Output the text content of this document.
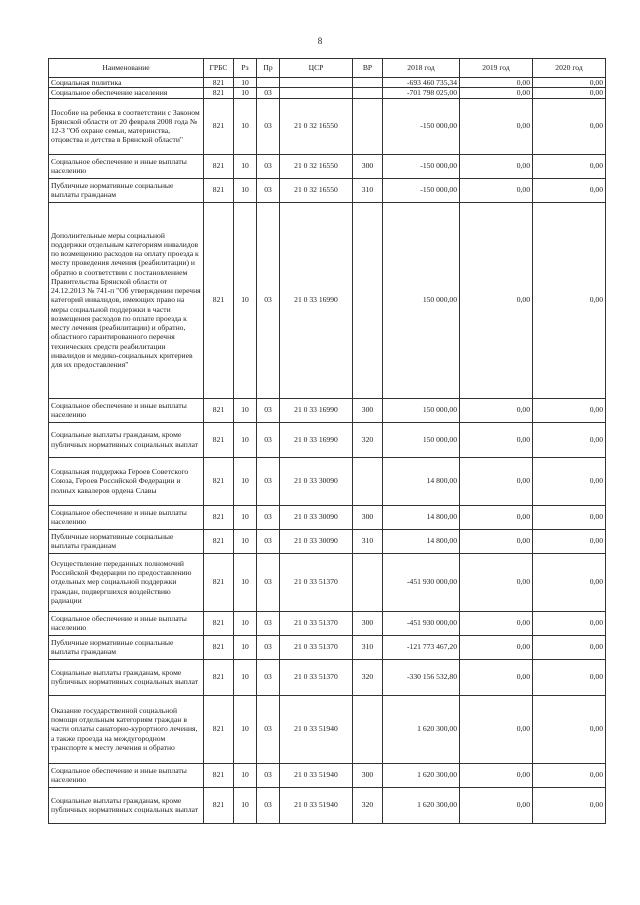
8
Наименование	ГРБС	Рз	Пр	ЦСР	ВР	2018 год	2019 год	2020 год
Социальная политика	821	10				-693 460 735,34	0,00	0,00
Социальное обеспечение населения	821	10	03			-701 798 025,00	0,00	0,00
Пособие на ребенка в соответствии с Законом Брянской области от 20 февраля 2008 года № 12-З "Об охране семьи, материнства, отцовства и детства в Брянской области"	821	10	03	21 0 32 16550		-150 000,00	0,00	0,00
Социальное обеспечение и иные выплаты населению	821	10	03	21 0 32 16550	300	-150 000,00	0,00	0,00
Публичные нормативные социальные выплаты гражданам	821	10	03	21 0 32 16550	310	-150 000,00	0,00	0,00
Дополнительные меры социальной поддержки отдельным категориям инвалидов по возмещению расходов на оплату проезда к месту проведения лечения (реабилитации) и обратно в соответствии с постановлением Правительства Брянской области от 24.12.2013 № 741-п "Об утверждении перечня категорий инвалидов, имеющих право на меры социальной поддержки в части возмещения расходов по оплате проезда к месту лечения (реабилитации) и обратно, областного гарантированного перечня технических средств реабилитации инвалидов и медико-социальных критериев для их предоставления"	821	10	03	21 0 33 16990		150 000,00	0,00	0,00
Социальное обеспечение и иные выплаты населению	821	10	03	21 0 33 16990	300	150 000,00	0,00	0,00
Социальные выплаты гражданам, кроме публичных нормативных социальных выплат	821	10	03	21 0 33 16990	320	150 000,00	0,00	0,00
Социальная поддержка Героев Советского Союза, Героев Российской Федерации и полных кавалеров ордена Славы	821	10	03	21 0 33 30090		14 800,00	0,00	0,00
Социальное обеспечение и иные выплаты населению	821	10	03	21 0 33 30090	300	14 800,00	0,00	0,00
Публичные нормативные социальные выплаты гражданам	821	10	03	21 0 33 30090	310	14 800,00	0,00	0,00
Осуществление переданных полномочий Российской Федерации по предоставлению отдельных мер социальной поддержки граждан, подвергшихся воздействию радиации	821	10	03	21 0 33 51370		-451 930 000,00	0,00	0,00
Социальное обеспечение и иные выплаты населению	821	10	03	21 0 33 51370	300	-451 930 000,00	0,00	0,00
Публичные нормативные социальные выплаты гражданам	821	10	03	21 0 33 51370	310	-121 773 467,20	0,00	0,00
Социальные выплаты гражданам, кроме публичных нормативных социальных выплат	821	10	03	21 0 33 51370	320	-330 156 532,80	0,00	0,00
Оказание государственной социальной помощи отдельным категориям граждан в части оплаты санаторно-курортного лечения, а также проезда на междугородном транспорте к месту лечения и обратно	821	10	03	21 0 33 51940		1 620 300,00	0,00	0,00
Социальное обеспечение и иные выплаты населению	821	10	03	21 0 33 51940	300	1 620 300,00	0,00	0,00
Социальные выплаты гражданам, кроме публичных нормативных социальных выплат	821	10	03	21 0 33 51940	320	1 620 300,00	0,00	0,00
